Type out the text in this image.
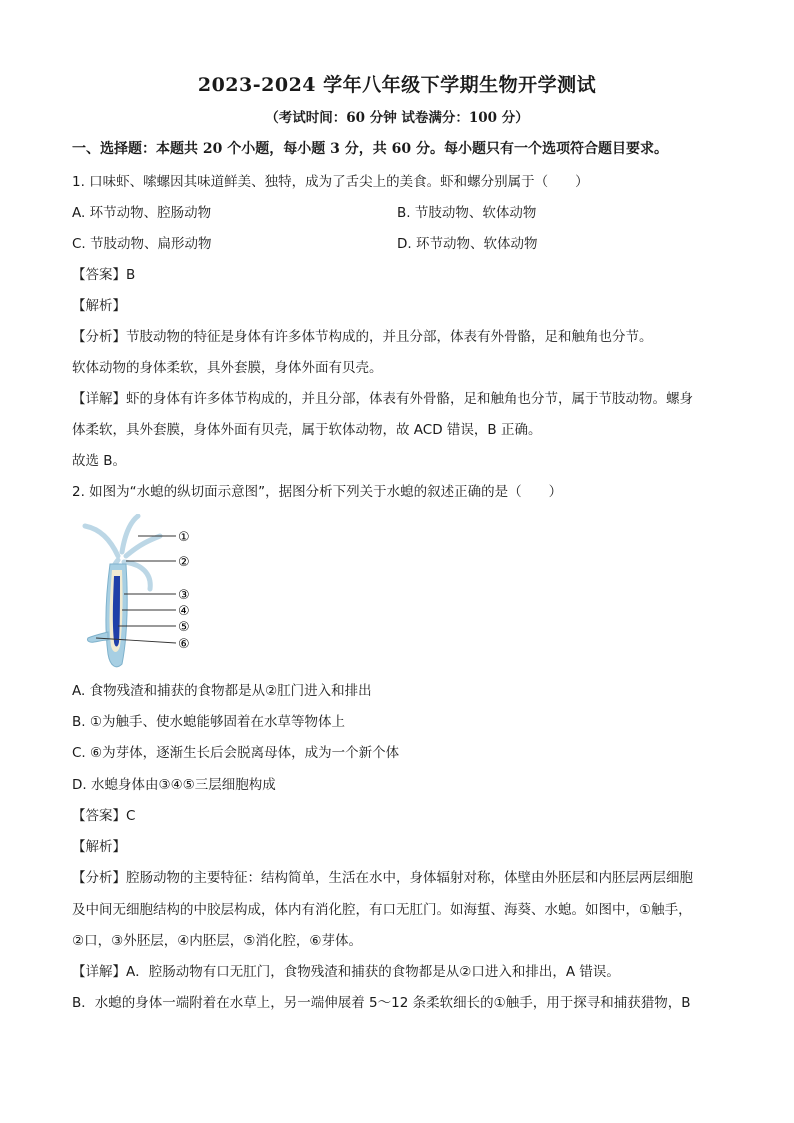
2023-2024 学年八年级下学期生物开学测试
（考试时间：60 分钟 试卷满分：100 分）
一、选择题：本题共 20 个小题，每小题 3 分，共 60 分。每小题只有一个选项符合题目要求。
1. 口味虾、嗦螺因其味道鲜美、独特，成为了舌尖上的美食。虾和螺分别属于（　　）
A. 环节动物、腔肠动物	B. 节肢动物、软体动物
C. 节肢动物、扁形动物	D. 环节动物、软体动物
【答案】B
【解析】
【分析】节肢动物的特征是身体有许多体节构成的，并且分部，体表有外骨骼，足和触角也分节。
软体动物的身体柔软，具外套膜，身体外面有贝壳。
【详解】虾的身体有许多体节构成的，并且分部，体表有外骨骼，足和触角也分节，属于节肢动物。螺身
体柔软，具外套膜，身体外面有贝壳，属于软体动物，故 ACD 错误，B 正确。
故选 B。
2. 如图为“水螅的纵切面示意图”，据图分析下列关于水螅的叙述正确的是（　　）
①
②
③
④
⑤
⑥
A. 食物残渣和捕获的食物都是从②肛门进入和排出
B. ①为触手、使水螅能够固着在水草等物体上
C. ⑥为芽体，逐渐生长后会脱离母体，成为一个新个体
D. 水螅身体由③④⑤三层细胞构成
【答案】C
【解析】
【分析】腔肠动物的主要特征：结构简单，生活在水中，身体辐射对称，体壁由外胚层和内胚层两层细胞
及中间无细胞结构的中胶层构成，体内有消化腔，有口无肛门。如海蜇、海葵、水螅。如图中，①触手，
②口，③外胚层，④内胚层，⑤消化腔，⑥芽体。
【详解】A．腔肠动物有口无肛门，食物残渣和捕获的食物都是从②口进入和排出，A 错误。
B．水螅的身体一端附着在水草上，另一端伸展着 5～12 条柔软细长的①触手，用于探寻和捕获猎物，B
